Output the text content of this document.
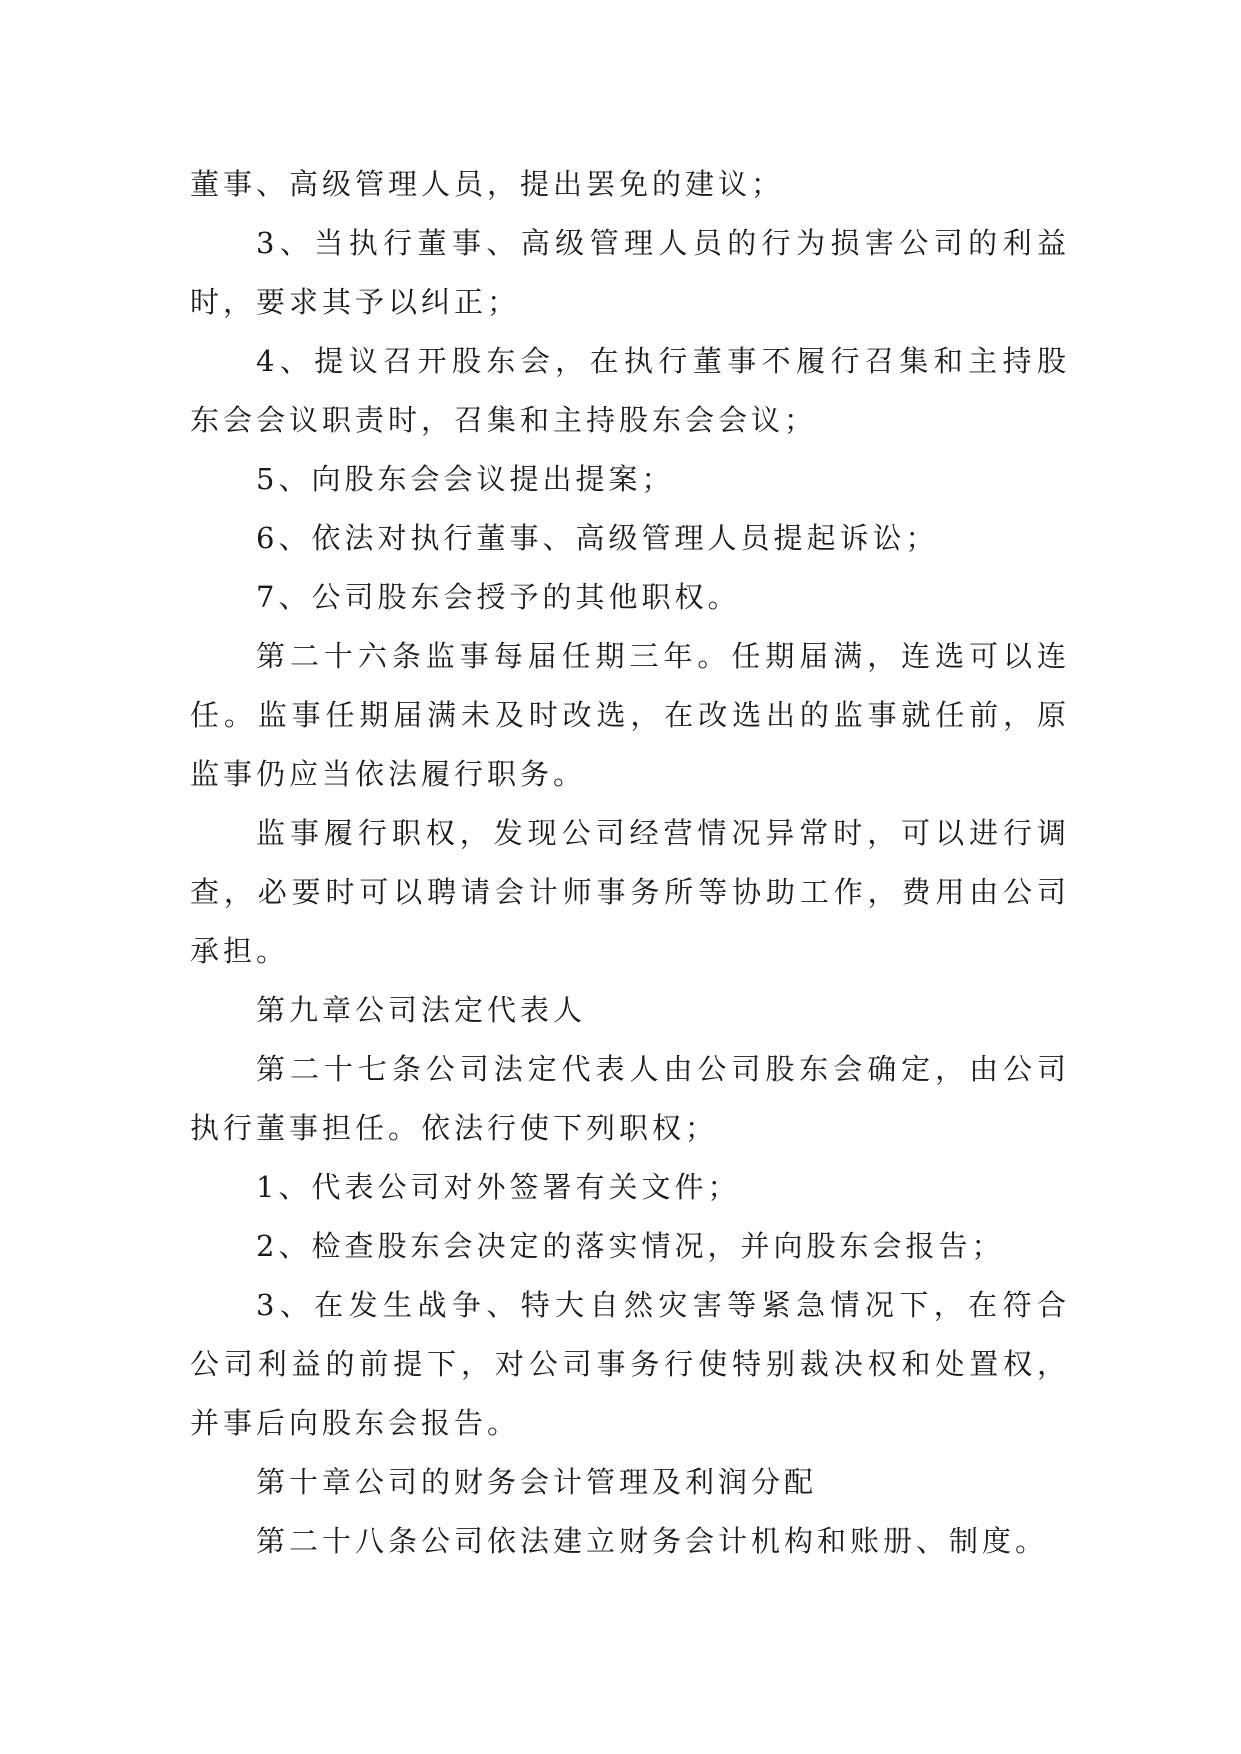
董事、高级管理人员，提出罢免的建议；

3、当执行董事、高级管理人员的行为损害公司的利益时，要求其予以纠正；

4、提议召开股东会，在执行董事不履行召集和主持股东会会议职责时，召集和主持股东会会议；

5、向股东会会议提出提案；

6、依法对执行董事、高级管理人员提起诉讼；

7、公司股东会授予的其他职权。

第二十六条监事每届任期三年。任期届满，连选可以连任。监事任期届满未及时改选，在改选出的监事就任前，原监事仍应当依法履行职务。

监事履行职权，发现公司经营情况异常时，可以进行调查，必要时可以聘请会计师事务所等协助工作，费用由公司承担。

第九章公司法定代表人

第二十七条公司法定代表人由公司股东会确定，由公司执行董事担任。依法行使下列职权；

1、代表公司对外签署有关文件；

2、检查股东会决定的落实情况，并向股东会报告；

3、在发生战争、特大自然灾害等紧急情况下，在符合公司利益的前提下，对公司事务行使特别裁决权和处置权，并事后向股东会报告。

第十章公司的财务会计管理及利润分配

第二十八条公司依法建立财务会计机构和账册、制度。
